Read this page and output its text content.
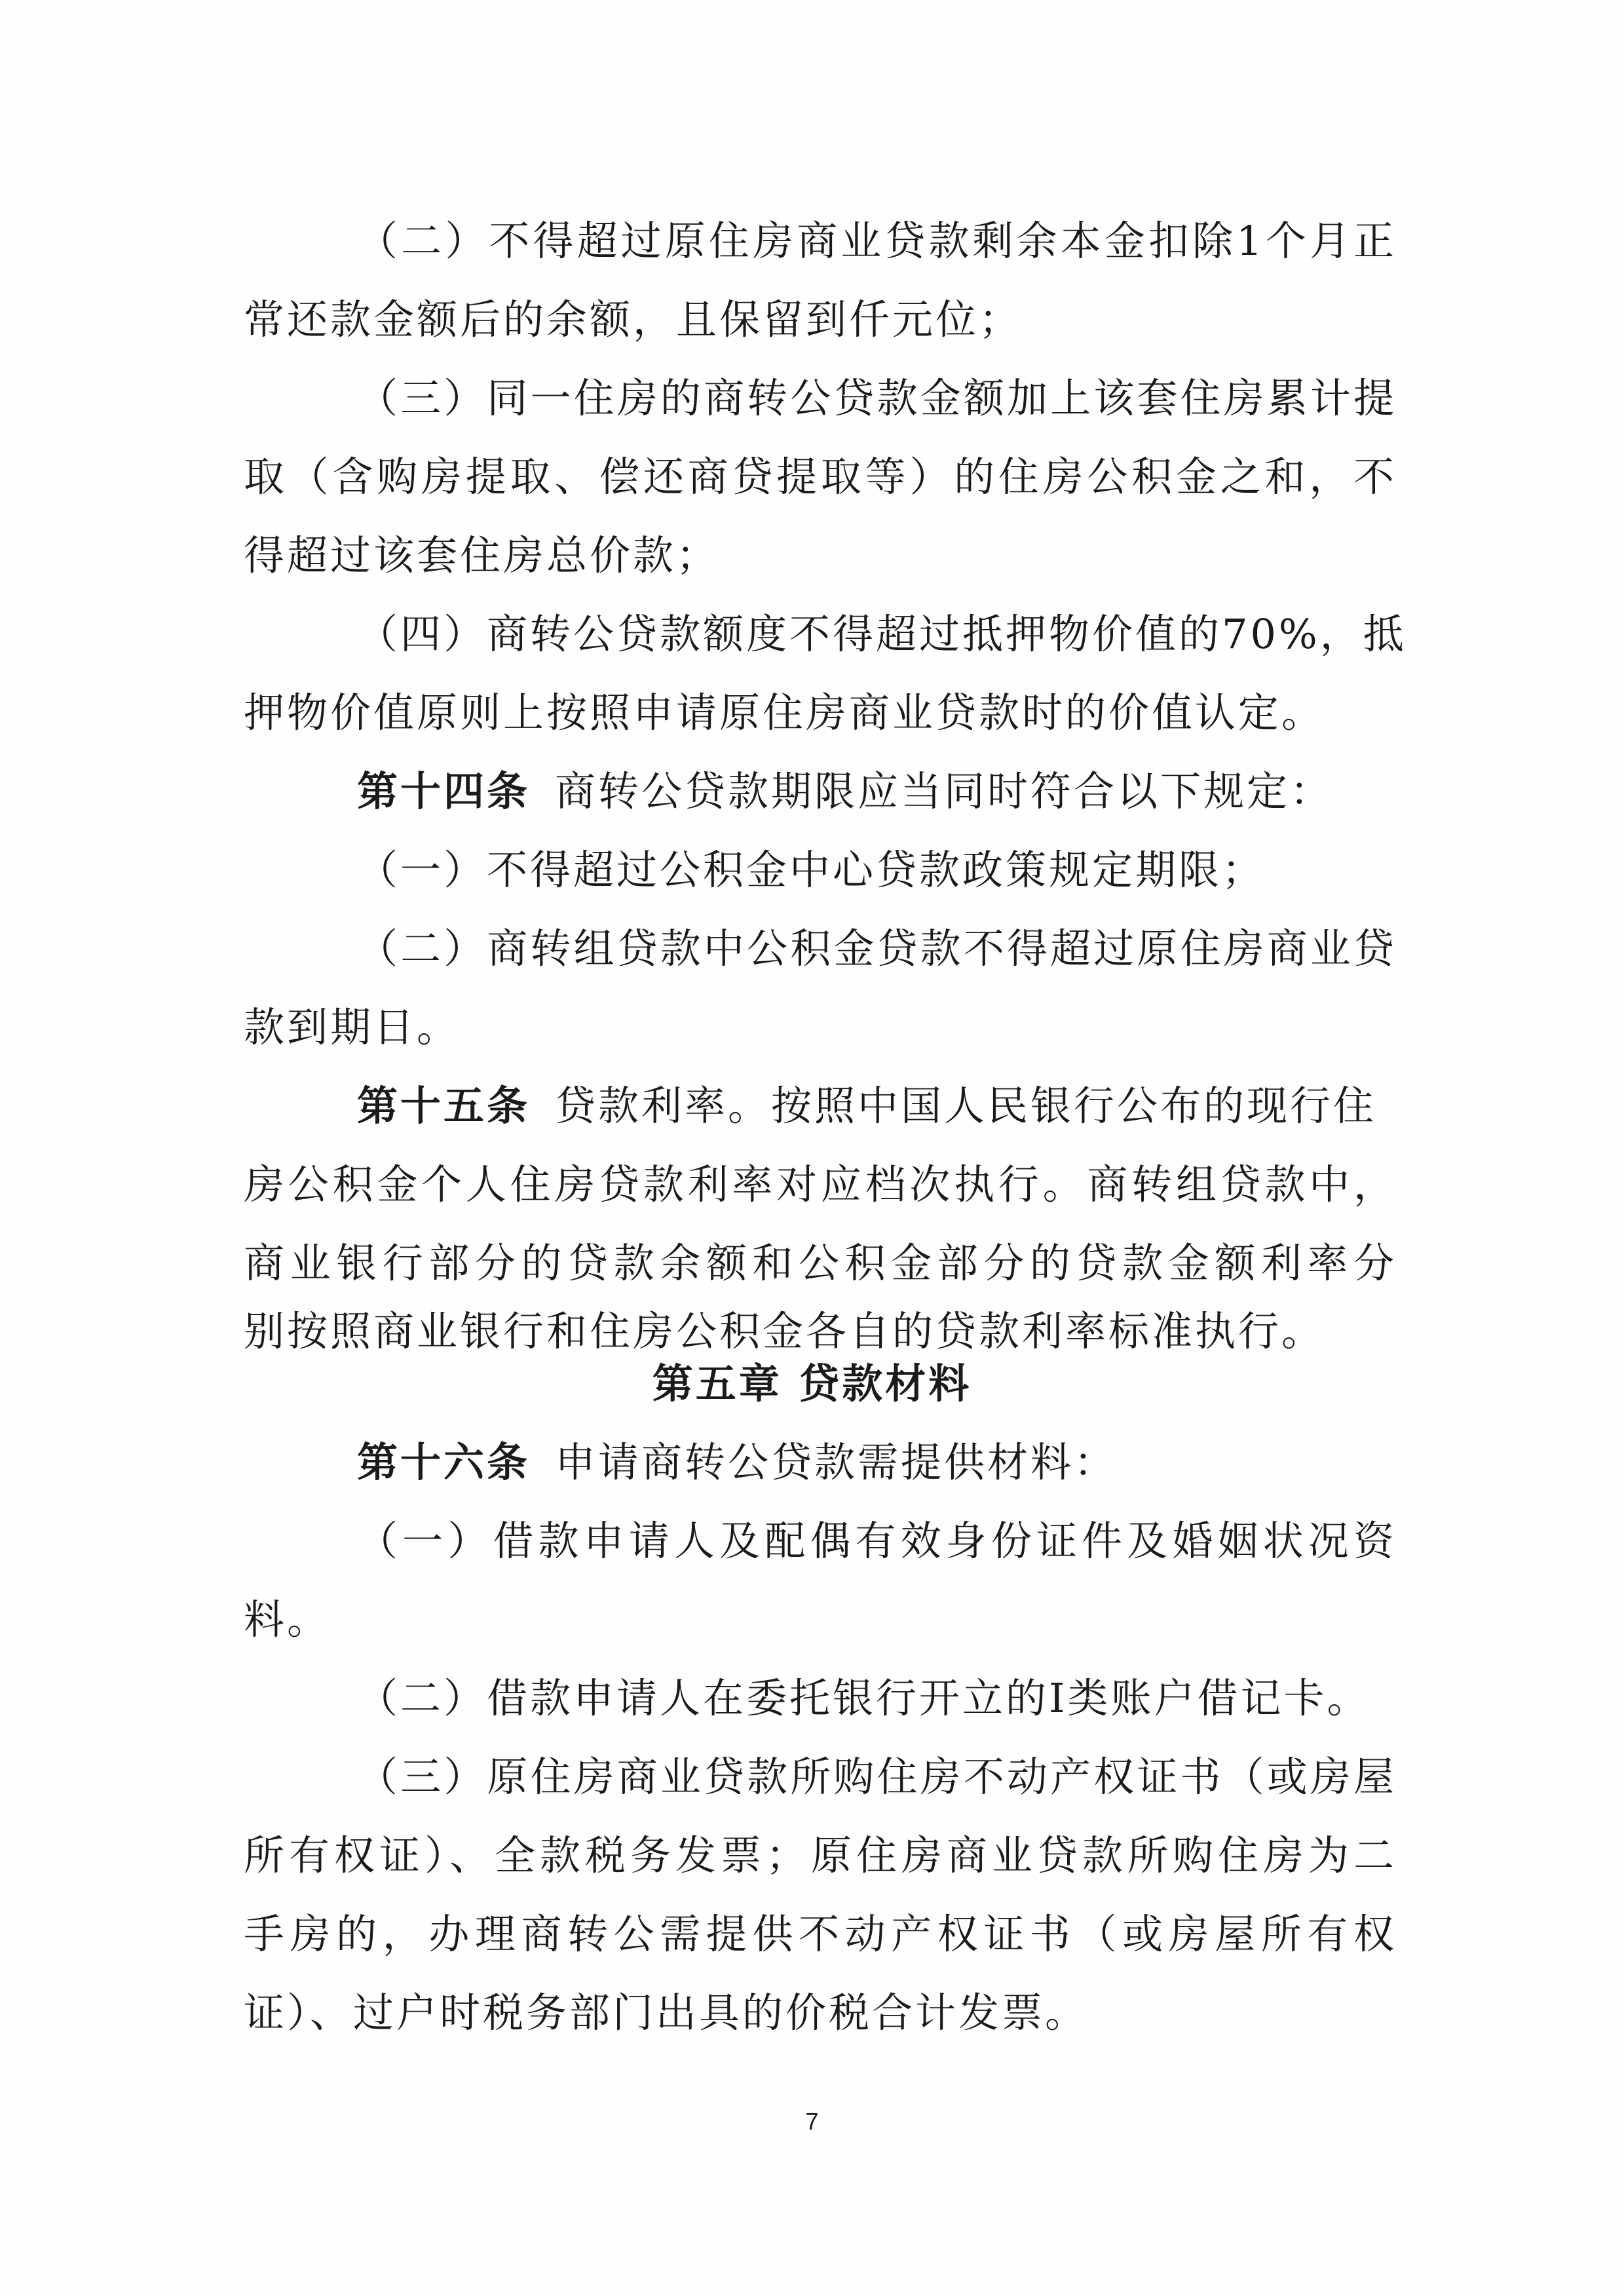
（二）不得超过原住房商业贷款剩余本金扣除1个月正
常还款金额后的余额，且保留到仟元位；
（三）同一住房的商转公贷款金额加上该套住房累计提
取（含购房提取、偿还商贷提取等）的住房公积金之和，不
得超过该套住房总价款；
（四）商转公贷款额度不得超过抵押物价值的70%，抵
押物价值原则上按照申请原住房商业贷款时的价值认定。
第十四条 商转公贷款期限应当同时符合以下规定：
（一）不得超过公积金中心贷款政策规定期限；
（二）商转组贷款中公积金贷款不得超过原住房商业贷
款到期日。
第十五条 贷款利率。按照中国人民银行公布的现行住
房公积金个人住房贷款利率对应档次执行。商转组贷款中，
商业银行部分的贷款余额和公积金部分的贷款金额利率分
别按照商业银行和住房公积金各自的贷款利率标准执行。
第五章 贷款材料
第十六条 申请商转公贷款需提供材料：
（一）借款申请人及配偶有效身份证件及婚姻状况资
料。
（二）借款申请人在委托银行开立的Ⅰ类账户借记卡。
（三）原住房商业贷款所购住房不动产权证书（或房屋
所有权证）、全款税务发票；原住房商业贷款所购住房为二
手房的，办理商转公需提供不动产权证书（或房屋所有权
证）、过户时税务部门出具的价税合计发票。
7
